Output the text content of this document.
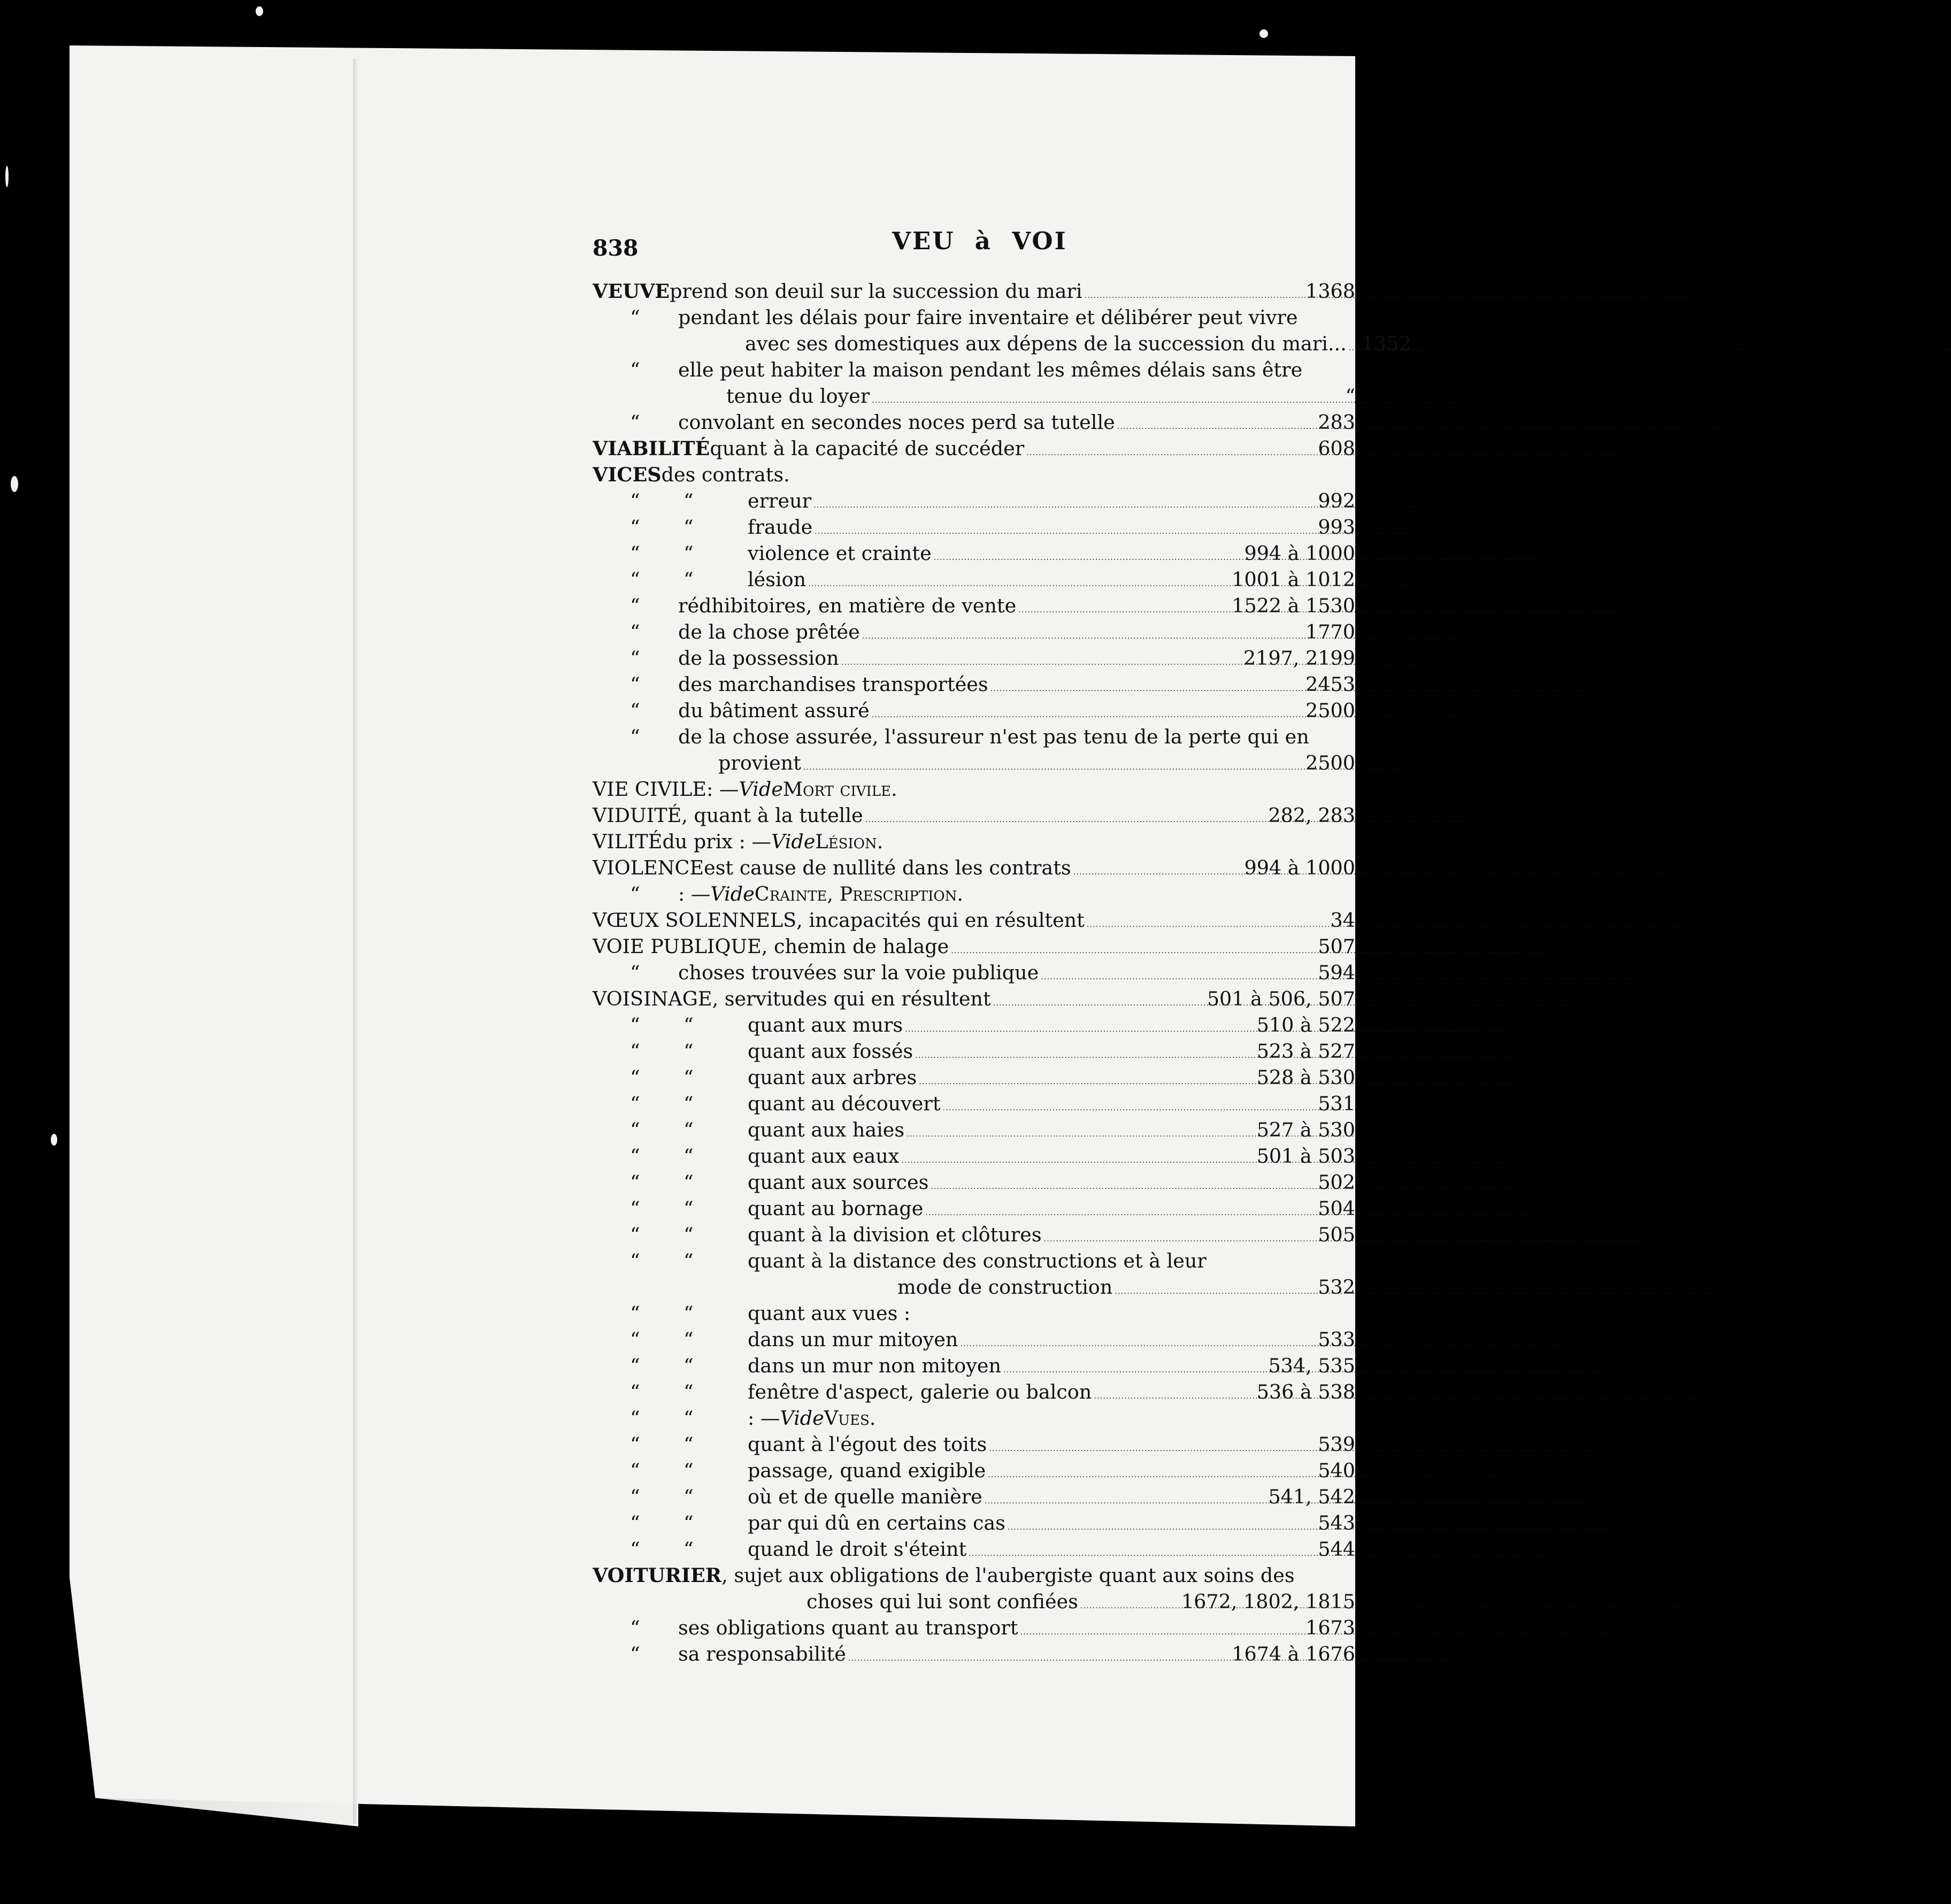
838	VEU  à  VOI
VEUVE prend son deuil sur la succession du mari . . .	1368
“	pendant les délais pour faire inventaire et délibérer peut vivre
avec ses domestiques aux dépens de la succession du mari... . . . 1352
“	elle peut habiter la maison pendant les mêmes délais sans être
tenue du loyer . . .	“
“	convolant en secondes noces perd sa tutelle . . .	283
VIABILITÉ quant à la capacité de succéder . . .	608
VICES des contrats.
“	“	erreur . . .	992
“	“	fraude . . .	993
“	“	violence et crainte . . .	994 à 1000
“	“	lésion . . .	1001 à 1012
“	rédhibitoires, en matière de vente . . .	1522 à 1530
“	de la chose prêtée . . .	1770
“	de la possession . . .	2197, 2199
“	des marchandises transportées . . .	2453
“	du bâtiment assuré . . .	2500
“	de la chose assurée, l'assureur n'est pas tenu de la perte qui en
provient . . .	2500
VIE CIVILE : — Vide Mort civile.
VIDUITÉ , quant à la tutelle . . .	282, 283
VILITÉ du prix : — Vide Lésion.
VIOLENCE est cause de nullité dans les contrats . . .	994 à 1000
“	: — Vide Crainte, Prescription.
VŒUX SOLENNELS , incapacités qui en résultent . . .	34
VOIE PUBLIQUE , chemin de halage . . .	507
“	choses trouvées sur la voie publique . . .	594
VOISINAGE , servitudes qui en résultent . . .	501 à 506, 507
“	“	quant aux murs . . .	510 à 522
“	“	quant aux fossés . . .	523 à 527
“	“	quant aux arbres . . .	528 à 530
“	“	quant au découvert . . .	531
“	“	quant aux haies . . .	527 à 530
“	“	quant aux eaux . . .	501 à 503
“	“	quant aux sources . . .	502
“	“	quant au bornage . . .	504
“	“	quant à la division et clôtures . . .	505
“	“	quant à la distance des constructions et à leur
mode de construction . . .	532
“	“	quant aux vues :
“	“	dans un mur mitoyen . . .	533
“	“	dans un mur non mitoyen . . .	534, 535
“	“	fenêtre d'aspect, galerie ou balcon . . .	536 à 538
“	“	: — Vide Vues.
“	“	quant à l'égout des toits . . .	539
“	“	passage, quand exigible . . .	540
“	“	où et de quelle manière . . .	541, 542
“	“	par qui dû en certains cas . . .	543
“	“	quand le droit s'éteint . . .	544
VOITURIER , sujet aux obligations de l'aubergiste quant aux soins des
choses qui lui sont confiées . . .	1672, 1802, 1815
“	ses obligations quant au transport . . .	1673
“	sa responsabilité . . .	1674 à 1676
